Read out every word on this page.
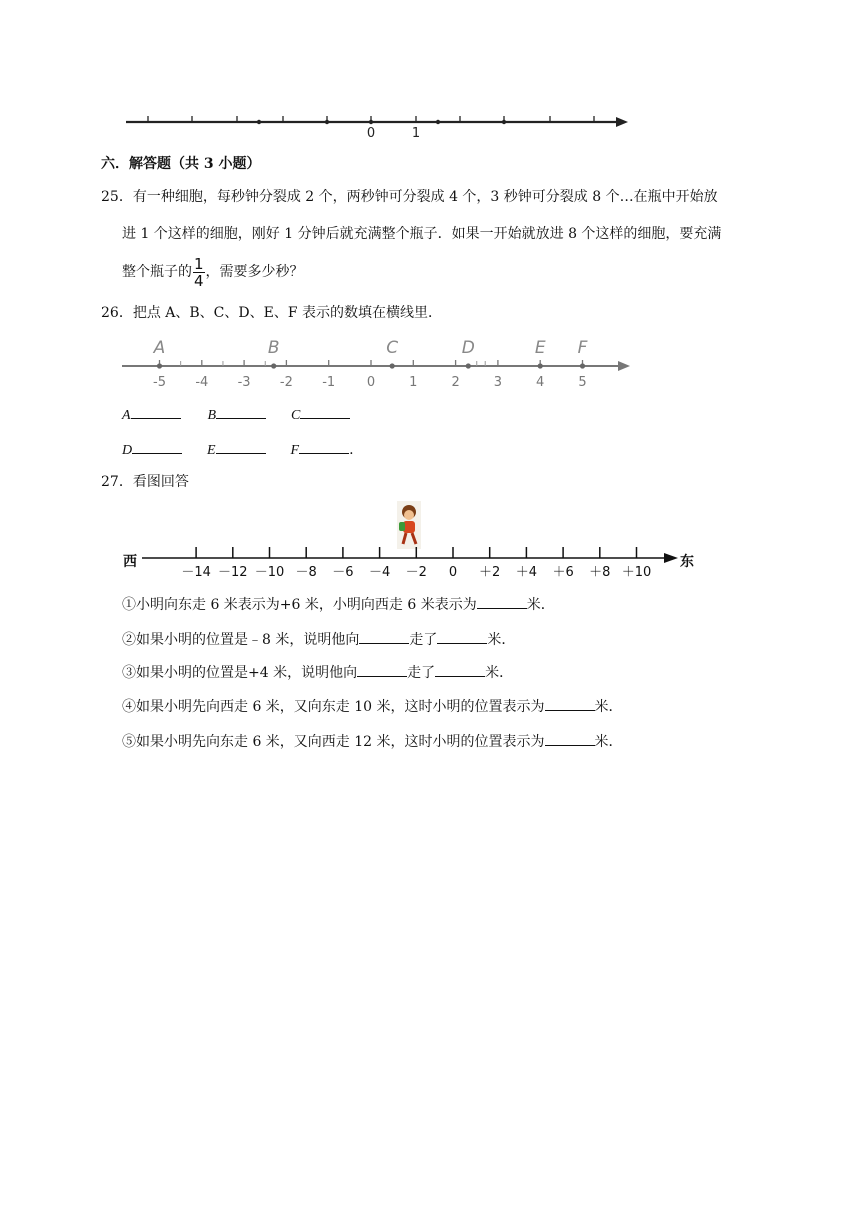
0	1
六．解答题（共 3 小题）
25．有一种细胞，每秒钟分裂成 2 个，两秒钟可分裂成 4 个，3 秒钟可分裂成 8 个…在瓶中开始放
进 1 个这样的细胞，刚好 1 分钟后就充满整个瓶子．如果一开始就放进 8 个这样的细胞，要充满
整个瓶子的 $\frac{1}{4}$ ，需要多少秒？
26．把点 A、B、C、D、E、F 表示的数填在横线里．
-5 -4 -3 -2 -1 0	1	2	3	4	5
A	B	C	D	E F
A	B	C
D	E	F	.
27．看图回答
西	东
－14 －12 －10 －8 －6 －4 －2 0 ＋2 ＋4 ＋6 ＋8 ＋10
①小明向东走 6 米表示为+6 米，小明向西走 6 米表示为	米．
②如果小明的位置是﹣8 米，说明他向	走了	米．
③如果小明的位置是+4 米，说明他向	走了	米．
④如果小明先向西走 6 米，又向东走 10 米，这时小明的位置表示为	米．
⑤如果小明先向东走 6 米，又向西走 12 米，这时小明的位置表示为	米．
